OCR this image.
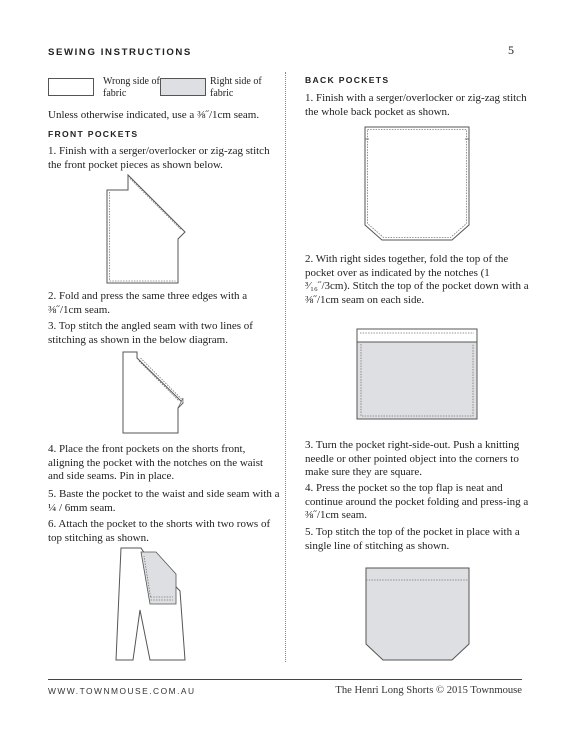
SEWING INSTRUCTIONS	5
Wrong side of fabric
Right side of fabric
Unless otherwise indicated, use a ⅜˝/1cm seam.
FRONT POCKETS
1. Finish with a serger/overlocker or zig-zag stitch the front pocket pieces as shown below.
2. Fold and press the same three edges with a ⅜˝/1cm seam.
3. Top stitch the angled seam with two lines of stitching as shown in the below diagram.
4. Place the front pockets on the shorts front, aligning the pocket with the notches on the waist and side seams. Pin in place.
5. Baste the pocket to the waist and side seam with a ¼ / 6mm seam.
6. Attach the pocket to the shorts with two rows of top stitching as shown.
BACK POCKETS
1. Finish with a serger/overlocker or zig-zag stitch the whole back pocket as shown.
2. With right sides together, fold the top of the pocket over as indicated by the notches (1 ³⁄₁₆˝/3cm). Stitch the top of the pocket down with a ⅜˝/1cm seam on each side.
3. Turn the pocket right-side-out. Push a knitting needle or other pointed object into the corners to make sure they are square.
4. Press the pocket so the top flap is neat and continue around the pocket folding and press-ing a ⅜˝/1cm seam.
5. Top stitch the top of the pocket in place with a single line of stitching as shown.
WWW.TOWNMOUSE.COM.AU	The Henri Long Shorts © 2015 Townmouse
